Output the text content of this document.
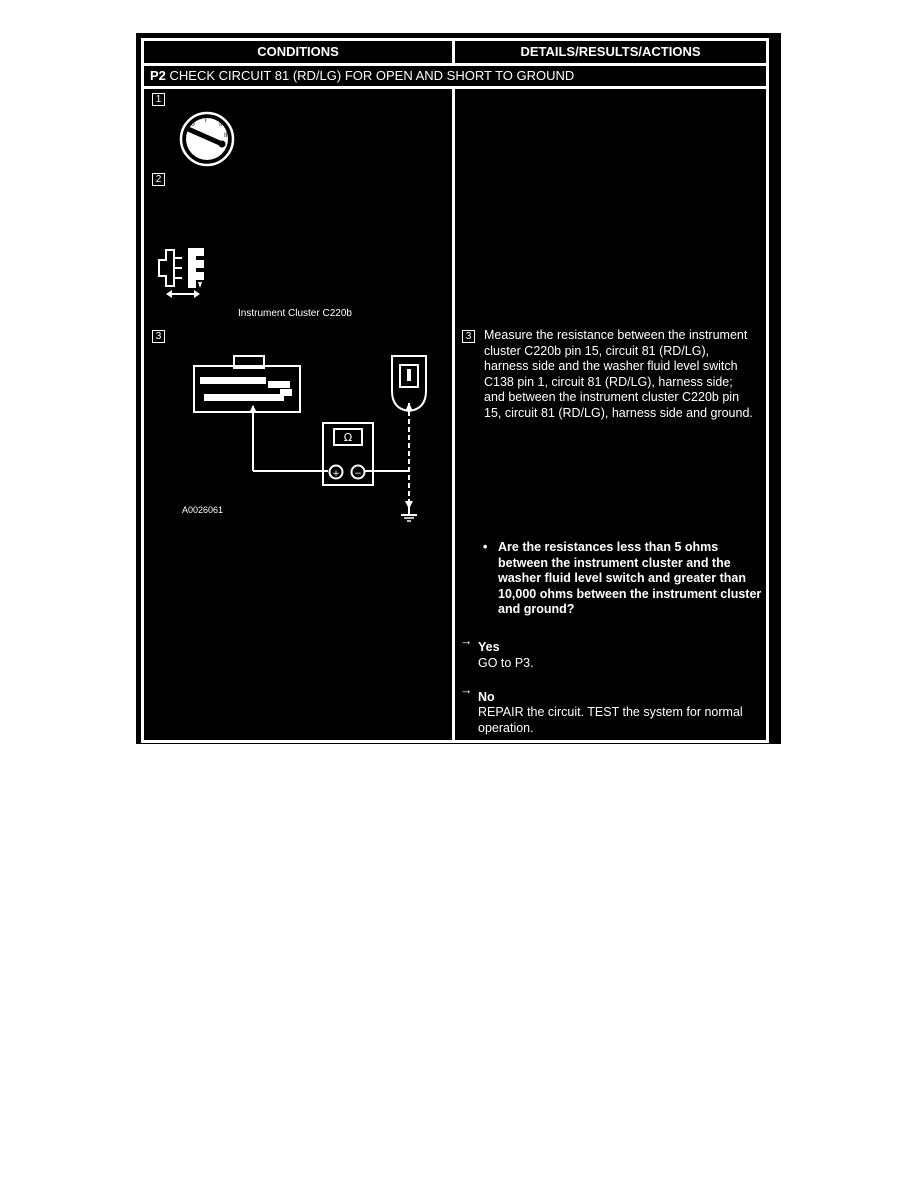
CONDITIONS	DETAILS/RESULTS/ACTIONS
P2 CHECK CIRCUIT 81 (RD/LG) FOR OPEN AND SHORT TO GROUND
1
0
I
II
III
2
Instrument Cluster C220b
3
Ω
+ −
A0026061
3 Measure the resistance between the instrument cluster C220b pin 15, circuit 81 (RD/LG), harness side and the washer fluid level switch C138 pin 1, circuit 81 (RD/LG), harness side; and between the instrument cluster C220b pin 15, circuit 81 (RD/LG), harness side and ground.
• Are the resistances less than 5 ohms between the instrument cluster and the washer fluid level switch and greater than 10,000 ohms between the instrument cluster and ground?
→ Yes
GO to P3.
→ No
REPAIR the circuit. TEST the system for normal operation.
